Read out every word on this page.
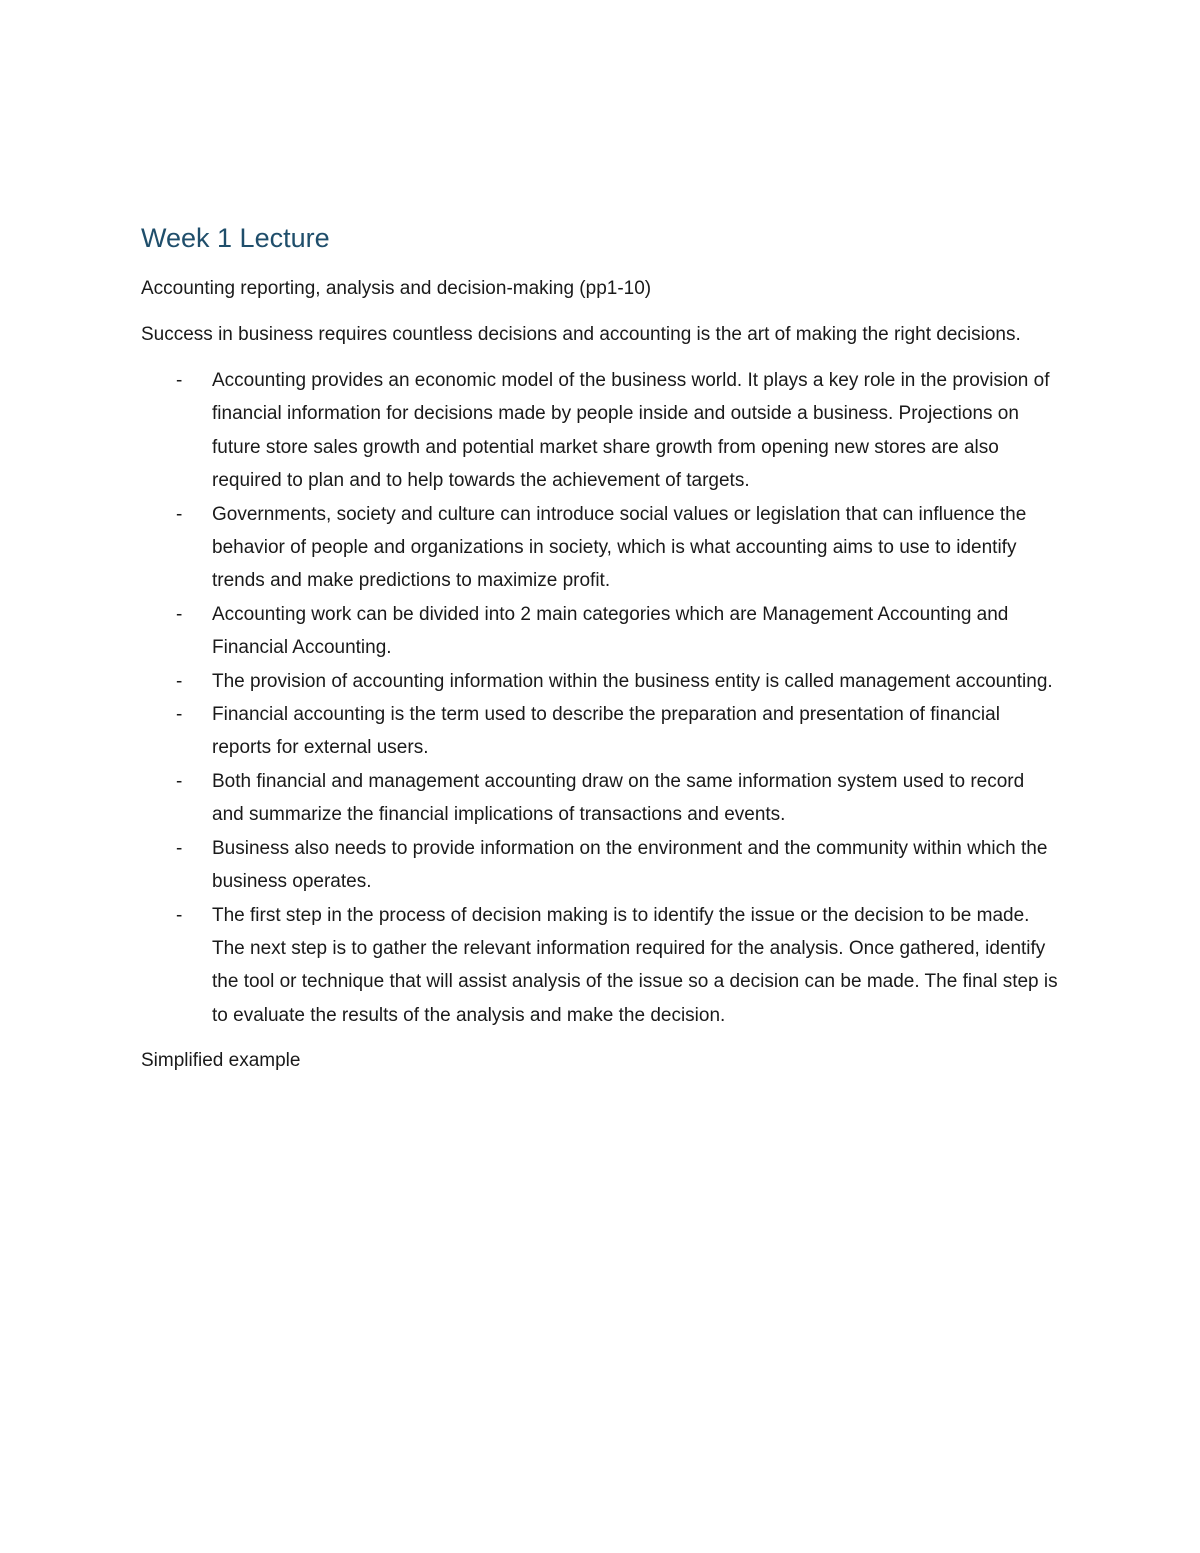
Week 1 Lecture

Accounting reporting, analysis and decision-making (pp1-10)

Success in business requires countless decisions and accounting is the art of making the right decisions.

- Accounting provides an economic model of the business world. It plays a key role in the provision of financial information for decisions made by people inside and outside a business. Projections on future store sales growth and potential market share growth from opening new stores are also required to plan and to help towards the achievement of targets.
- Governments, society and culture can introduce social values or legislation that can influence the behavior of people and organizations in society, which is what accounting aims to use to identify trends and make predictions to maximize profit.
- Accounting work can be divided into 2 main categories which are Management Accounting and Financial Accounting.
- The provision of accounting information within the business entity is called management accounting.
- Financial accounting is the term used to describe the preparation and presentation of financial reports for external users.
- Both financial and management accounting draw on the same information system used to record and summarize the financial implications of transactions and events.
- Business also needs to provide information on the environment and the community within which the business operates.
- The first step in the process of decision making is to identify the issue or the decision to be made. The next step is to gather the relevant information required for the analysis. Once gathered, identify the tool or technique that will assist analysis of the issue so a decision can be made. The final step is to evaluate the results of the analysis and make the decision.

Simplified example
